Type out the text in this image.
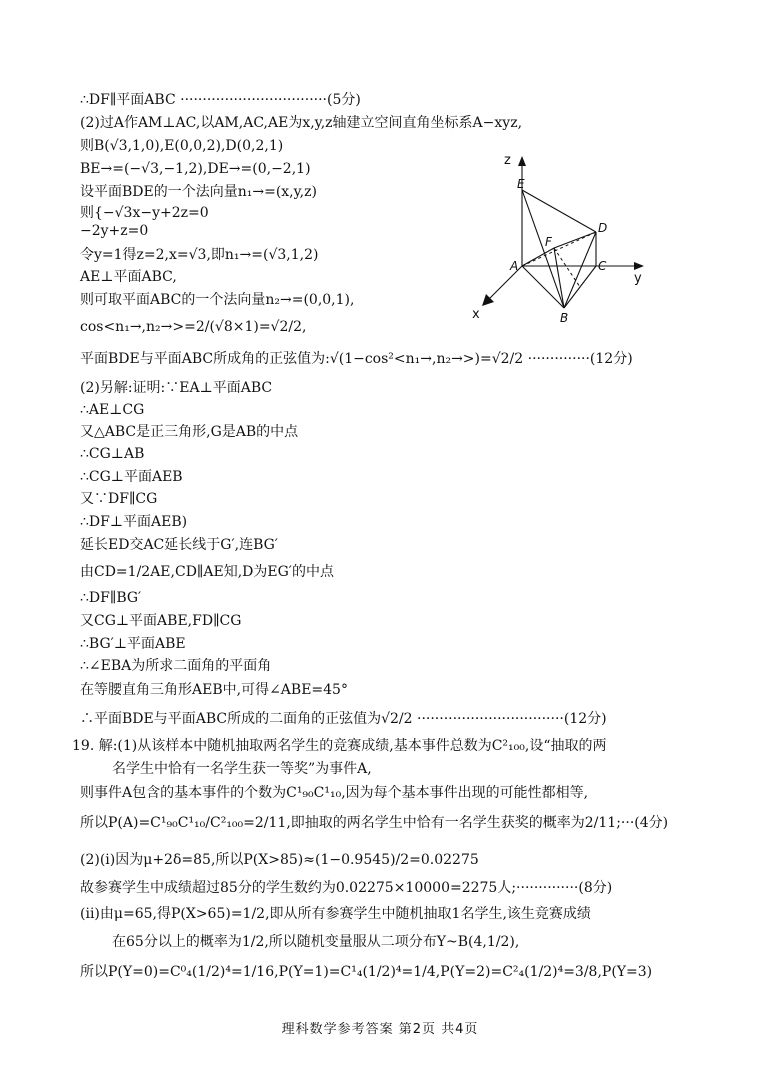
∴DF∥平面ABC ·································(5分)
(2)过A作AM⊥AC,以AM,AC,AE为x,y,z轴建立空间直角坐标系A−xyz,
则B(√3,1,0),E(0,0,2),D(0,2,1)
BE→=(−√3,−1,2),DE→=(0,−2,1)
设平面BDE的一个法向量n₁→=(x,y,z)
则{−√3x−y+2z=0
−2y+z=0
令y=1得z=2,x=√3,即n₁→=(√3,1,2)
AE⊥平面ABC,
则可取平面ABC的一个法向量n₂→=(0,0,1),
cos<n₁→,n₂→>=2/(√8×1)=√2/2,
平面BDE与平面ABC所成角的正弦值为:√(1−cos²<n₁→,n₂→>)=√2/2 ··············(12分)
(2)另解:证明:∵EA⊥平面ABC
∴AE⊥CG
又△ABC是正三角形,G是AB的中点
∴CG⊥AB
∴CG⊥平面AEB
又∵DF∥CG
∴DF⊥平面AEB)
延长ED交AC延长线于G′,连BG′
由CD=1/2AE,CD∥AE知,D为EG′的中点
∴DF∥BG′
又CG⊥平面ABE,FD∥CG
∴BG′⊥平面ABE
∴∠EBA为所求二面角的平面角
在等腰直角三角形AEB中,可得∠ABE=45°
∴平面BDE与平面ABC所成的二面角的正弦值为√2/2 ·································(12分)
19. 解:(1)从该样本中随机抽取两名学生的竞赛成绩,基本事件总数为C²₁₀₀,设“抽取的两
名学生中恰有一名学生获一等奖”为事件A,
则事件A包含的基本事件的个数为C¹₉₀C¹₁₀,因为每个基本事件出现的可能性都相等,
所以P(A)=C¹₉₀C¹₁₀/C²₁₀₀=2/11,即抽取的两名学生中恰有一名学生获奖的概率为2/11;···(4分)
(2)(ⅰ)因为μ+2δ=85,所以P(X>85)≈(1−0.9545)/2=0.02275
故参赛学生中成绩超过85分的学生数约为0.02275×10000=2275人;··············(8分)
(ⅱ)由μ=65,得P(X>65)=1/2,即从所有参赛学生中随机抽取1名学生,该生竞赛成绩
在65分以上的概率为1/2,所以随机变量服从二项分布Y~B(4,1/2),
所以P(Y=0)=C⁰₄(1/2)⁴=1/16,P(Y=1)=C¹₄(1/2)⁴=1/4,P(Y=2)=C²₄(1/2)⁴=3/8,P(Y=3)
z
y
x
E
D
F
A	C
B
理科数学参考答案 第2页 共4页
